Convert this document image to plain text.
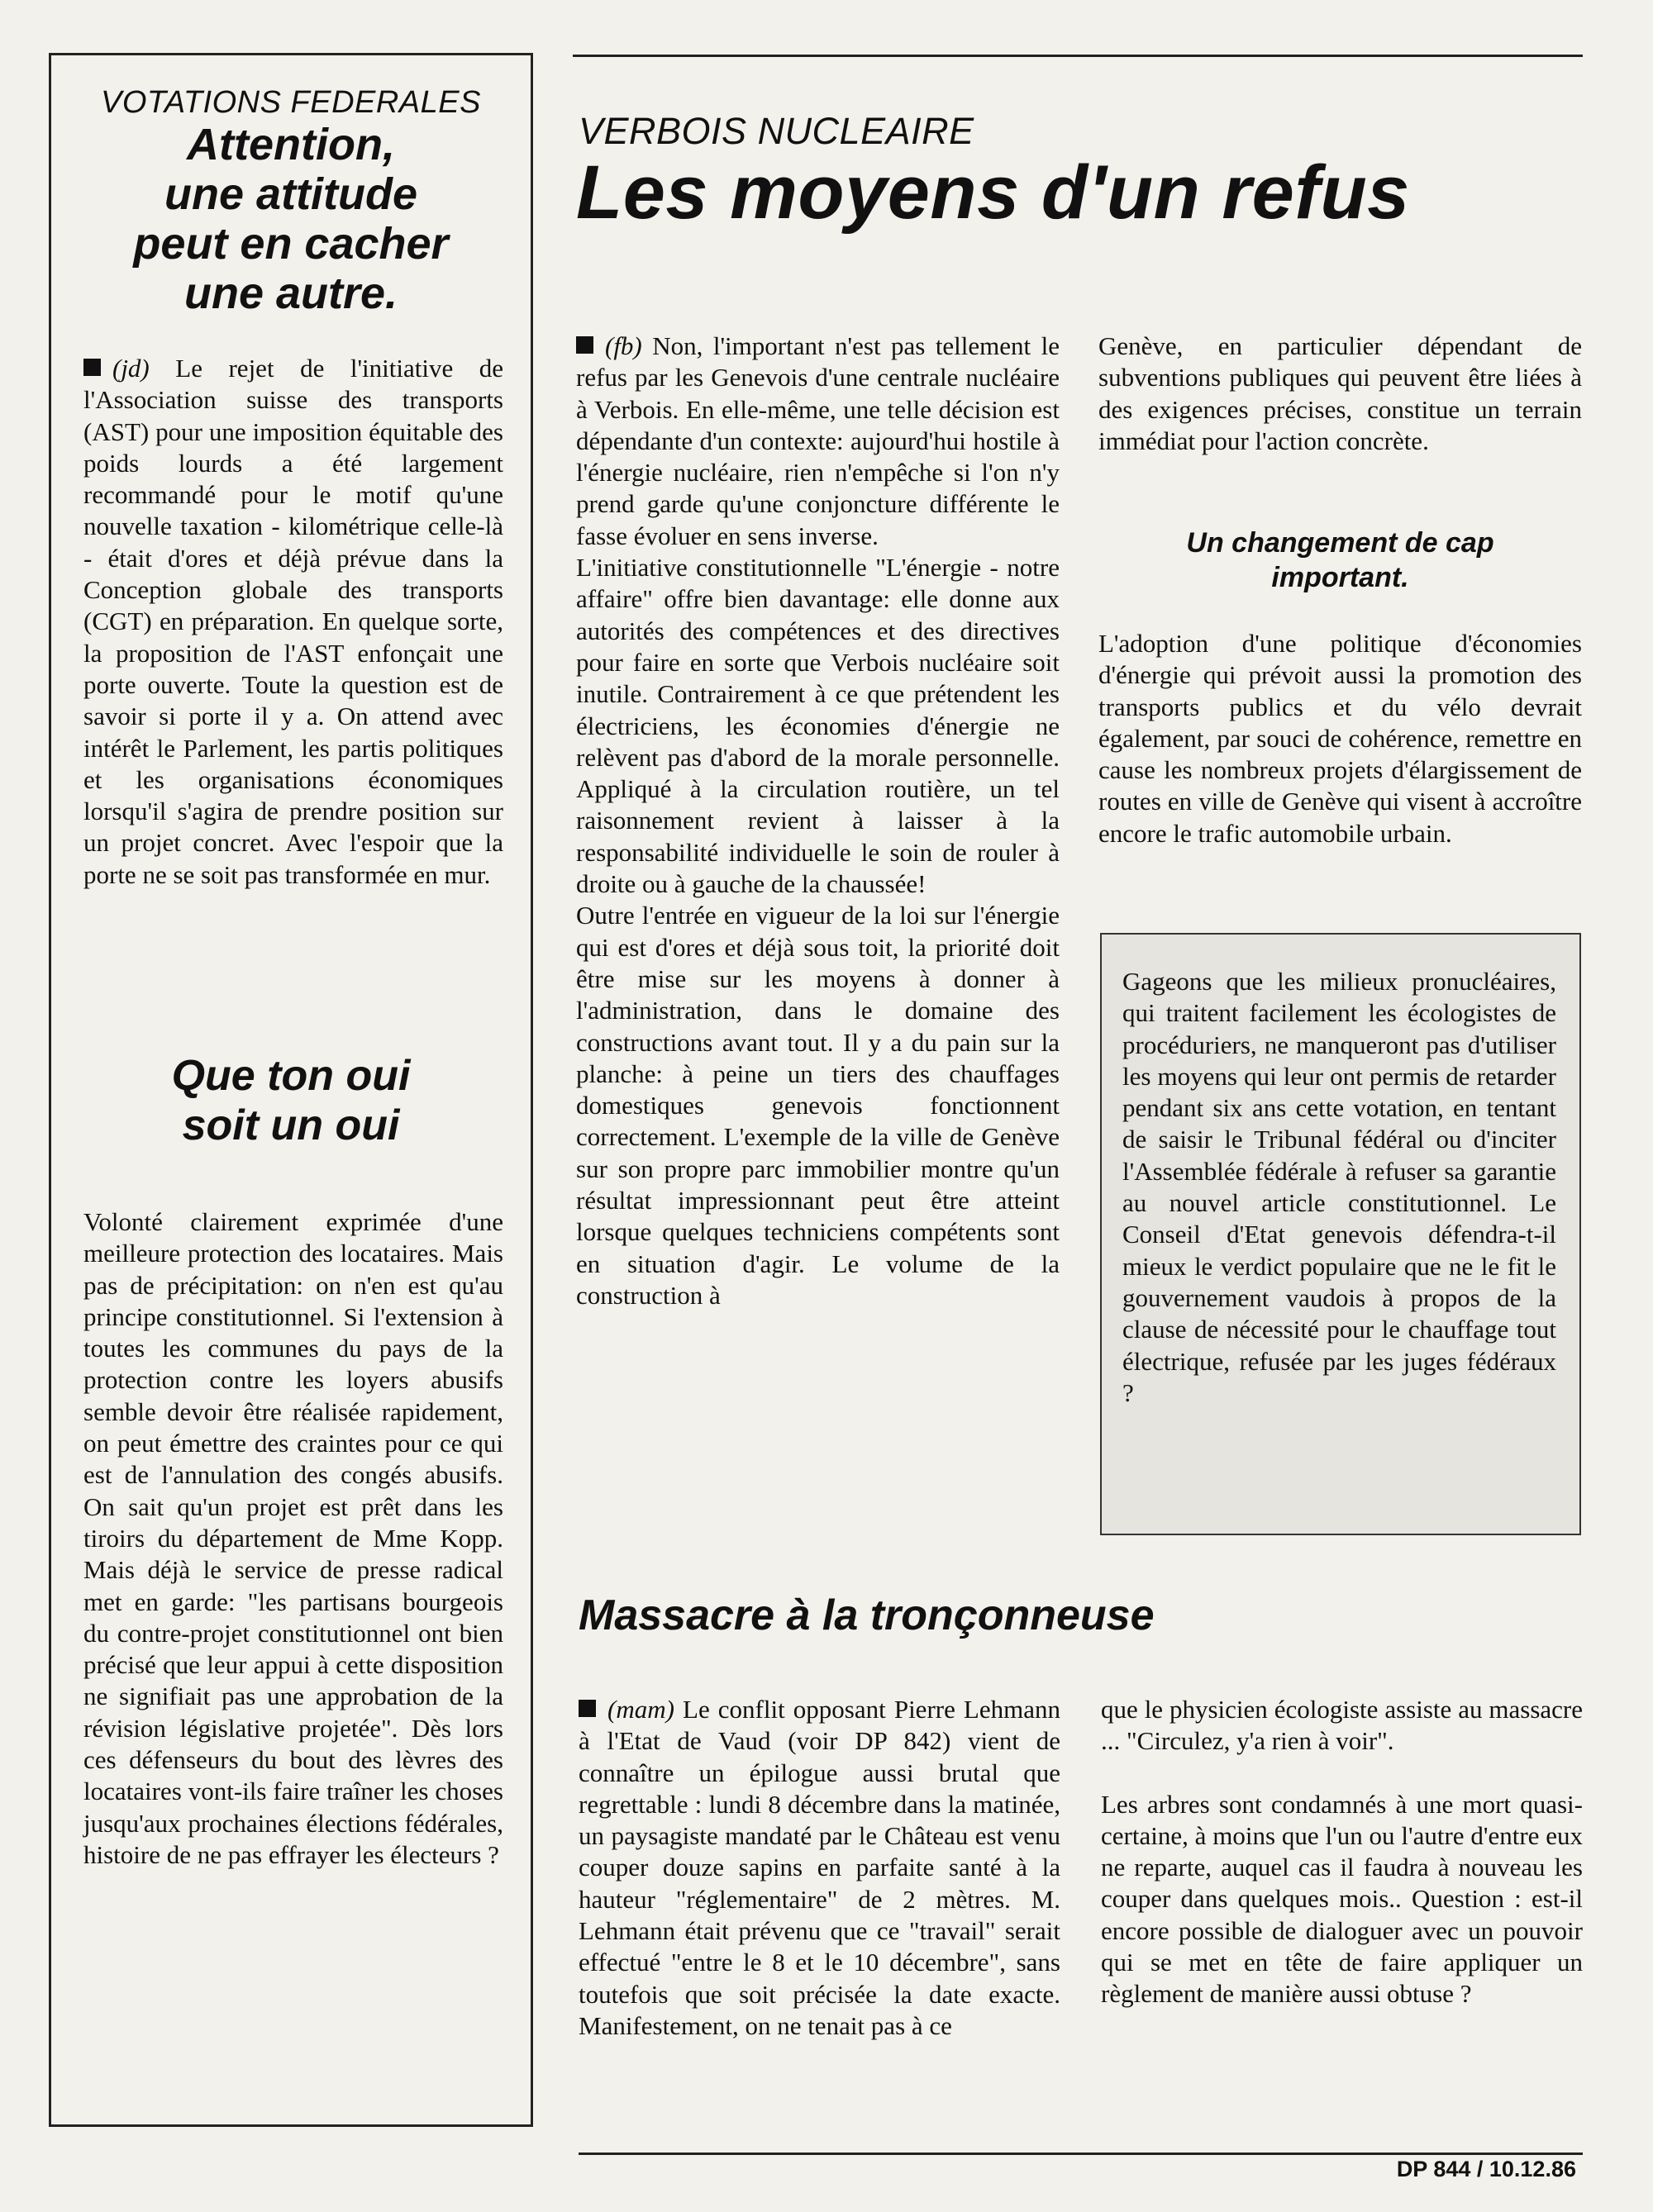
VOTATIONS FEDERALES
Attention,
une attitude
peut en cacher
une autre.

(jd) Le rejet de l'initiative de l'Association suisse des transports (AST) pour une imposition équitable des poids lourds a été largement recommandé pour le motif qu'une nouvelle taxation - kilométrique celle-là - était d'ores et déjà prévue dans la Conception globale des transports (CGT) en préparation. En quelque sorte, la proposition de l'AST enfonçait une porte ouverte. Toute la question est de savoir si porte il y a. On attend avec intérêt le Parlement, les partis politiques et les organisations économiques lorsqu'il s'agira de prendre position sur un projet concret. Avec l'espoir que la porte ne se soit pas transformée en mur.

Que ton oui
soit un oui

Volonté clairement exprimée d'une meilleure protection des locataires. Mais pas de précipitation: on n'en est qu'au principe constitutionnel. Si l'extension à toutes les communes du pays de la protection contre les loyers abusifs semble devoir être réalisée rapidement, on peut émettre des craintes pour ce qui est de l'annulation des congés abusifs. On sait qu'un projet est prêt dans les tiroirs du département de Mme Kopp. Mais déjà le service de presse radical met en garde: "les partisans bourgeois du contre-projet constitutionnel ont bien précisé que leur appui à cette disposition ne signifiait pas une approbation de la révision législative projetée". Dès lors ces défenseurs du bout des lèvres des locataires vont-ils faire traîner les choses jusqu'aux prochaines élections fédérales, histoire de ne pas effrayer les électeurs ?

VERBOIS NUCLEAIRE
Les moyens d'un refus

(fb) Non, l'important n'est pas tellement le refus par les Genevois d'une centrale nucléaire à Verbois. En elle-même, une telle décision est dépendante d'un contexte: aujourd'hui hostile à l'énergie nucléaire, rien n'empêche si l'on n'y prend garde qu'une conjoncture différente le fasse évoluer en sens inverse.

L'initiative constitutionnelle "L'énergie - notre affaire" offre bien davantage: elle donne aux autorités des compétences et des directives pour faire en sorte que Verbois nucléaire soit inutile. Contrairement à ce que prétendent les électriciens, les économies d'énergie ne relèvent pas d'abord de la morale personnelle. Appliqué à la circulation routière, un tel raisonnement revient à laisser à la responsabilité individuelle le soin de rouler à droite ou à gauche de la chaussée!

Outre l'entrée en vigueur de la loi sur l'énergie qui est d'ores et déjà sous toit, la priorité doit être mise sur les moyens à donner à l'administration, dans le domaine des constructions avant tout. Il y a du pain sur la planche: à peine un tiers des chauffages domestiques genevois fonctionnent correctement. L'exemple de la ville de Genève sur son propre parc immobilier montre qu'un résultat impressionnant peut être atteint lorsque quelques techniciens compétents sont en situation d'agir. Le volume de la construction à

Genève, en particulier dépendant de subventions publiques qui peuvent être liées à des exigences précises, constitue un terrain immédiat pour l'action concrète.

Un changement de cap
important.

L'adoption d'une politique d'économies d'énergie qui prévoit aussi la promotion des transports publics et du vélo devrait également, par souci de cohérence, remettre en cause les nombreux projets d'élargissement de routes en ville de Genève qui visent à accroître encore le trafic automobile urbain.

Gageons que les milieux pronucléaires, qui traitent facilement les écologistes de procéduriers, ne manqueront pas d'utiliser les moyens qui leur ont permis de retarder pendant six ans cette votation, en tentant de saisir le Tribunal fédéral ou d'inciter l'Assemblée fédérale à refuser sa garantie au nouvel article constitutionnel. Le Conseil d'Etat genevois défendra-t-il mieux le verdict populaire que ne le fit le gouvernement vaudois à propos de la clause de nécessité pour le chauffage tout électrique, refusée par les juges fédéraux ?

Massacre à la tronçonneuse

(mam) Le conflit opposant Pierre Lehmann à l'Etat de Vaud (voir DP 842) vient de connaître un épilogue aussi brutal que regrettable : lundi 8 décembre dans la matinée, un paysagiste mandaté par le Château est venu couper douze sapins en parfaite santé à la hauteur "réglementaire" de 2 mètres. M. Lehmann était prévenu que ce "travail" serait effectué "entre le 8 et le 10 décembre", sans toutefois que soit précisée la date exacte. Manifestement, on ne tenait pas à ce

que le physicien écologiste assiste au massacre ... "Circulez, y'a rien à voir".

Les arbres sont condamnés à une mort quasi-certaine, à moins que l'un ou l'autre d'entre eux ne reparte, auquel cas il faudra à nouveau les couper dans quelques mois.. Question : est-il encore possible de dialoguer avec un pouvoir qui se met en tête de faire appliquer un règlement de manière aussi obtuse ?

DP 844 / 10.12.86
